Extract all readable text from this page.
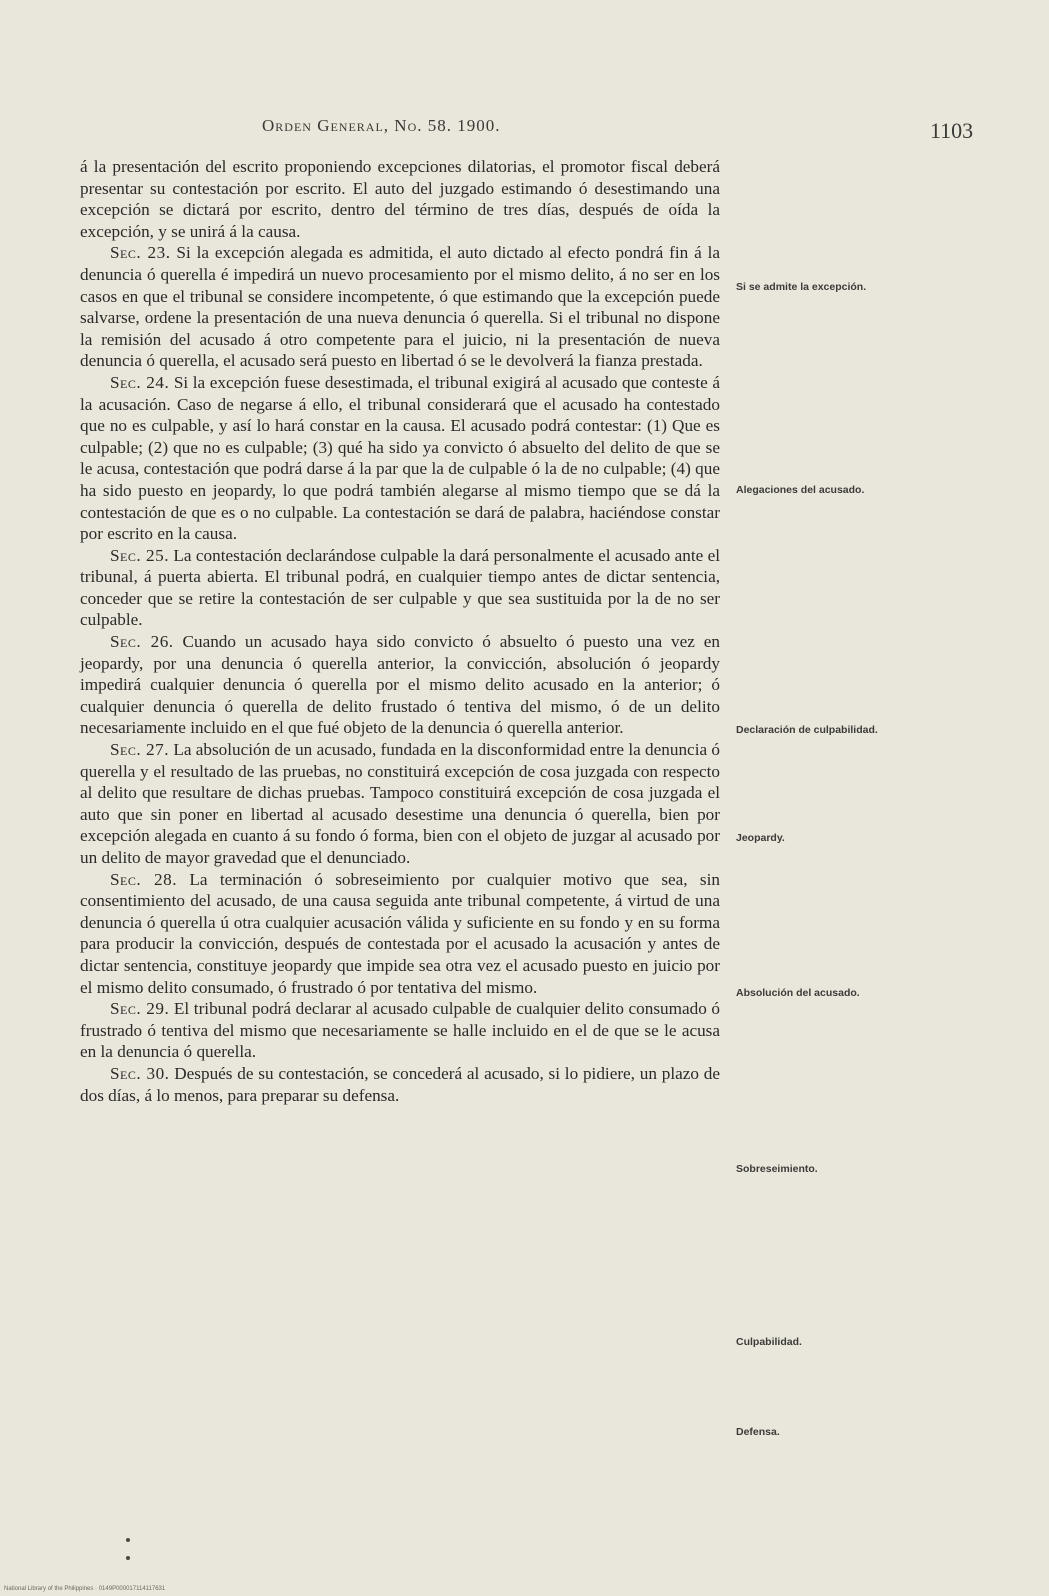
Orden General, No. 58. 1900.	1103

á la presentación del escrito proponiendo excepciones dilatorias, el promotor fiscal deberá presentar su contestación por escrito. El auto del juzgado estimando ó desestimando una excepción se dictará por escrito, dentro del término de tres días, después de oída la excepción, y se unirá á la causa.

Sec. 23. Si la excepción alegada es admitida, el auto dictado al efecto pondrá fin á la denuncia ó querella é impedirá un nuevo procesamiento por el mismo delito, á no ser en los casos en que el tribunal se considere incompetente, ó que estimando que la excepción puede salvarse, ordene la presentación de una nueva denuncia ó querella. Si el tribunal no dispone la remisión del acusado á otro competente para el juicio, ni la presentación de nueva denuncia ó querella, el acusado será puesto en libertad ó se le devolverá la fianza prestada.

Sec. 24. Si la excepción fuese desestimada, el tribunal exigirá al acusado que conteste á la acusación. Caso de negarse á ello, el tribunal considerará que el acusado ha contestado que no es culpable, y así lo hará constar en la causa. El acusado podrá contestar: (1) Que es culpable; (2) que no es culpable; (3) qué ha sido ya convicto ó absuelto del delito de que se le acusa, contestación que podrá darse á la par que la de culpable ó la de no culpable; (4) que ha sido puesto en jeopardy, lo que podrá también alegarse al mismo tiempo que se dá la contestación de que es o no culpable. La contestación se dará de palabra, haciéndose constar por escrito en la causa.

Sec. 25. La contestación declarándose culpable la dará personalmente el acusado ante el tribunal, á puerta abierta. El tribunal podrá, en cualquier tiempo antes de dictar sentencia, conceder que se retire la contestación de ser culpable y que sea sustituida por la de no ser culpable.

Sec. 26. Cuando un acusado haya sido convicto ó absuelto ó puesto una vez en jeopardy, por una denuncia ó querella anterior, la convicción, absolución ó jeopardy impedirá cualquier denuncia ó querella por el mismo delito acusado en la anterior; ó cualquier denuncia ó querella de delito frustado ó tentiva del mismo, ó de un delito necesariamente incluido en el que fué objeto de la denuncia ó querella anterior.

Sec. 27. La absolución de un acusado, fundada en la disconformidad entre la denuncia ó querella y el resultado de las pruebas, no constituirá excepción de cosa juzgada con respecto al delito que resultare de dichas pruebas. Tampoco constituirá excepción de cosa juzgada el auto que sin poner en libertad al acusado desestime una denuncia ó querella, bien por excepción alegada en cuanto á su fondo ó forma, bien con el objeto de juzgar al acusado por un delito de mayor gravedad que el denunciado.

Sec. 28. La terminación ó sobreseimiento por cualquier motivo que sea, sin consentimiento del acusado, de una causa seguida ante tribunal competente, á virtud de una denuncia ó querella ú otra cualquier acusación válida y suficiente en su fondo y en su forma para producir la convicción, después de contestada por el acusado la acusación y antes de dictar sentencia, constituye jeopardy que impide sea otra vez el acusado puesto en juicio por el mismo delito consumado, ó frustrado ó por tentativa del mismo.

Sec. 29. El tribunal podrá declarar al acusado culpable de cualquier delito consumado ó frustrado ó tentiva del mismo que necesariamente se halle incluido en el de que se le acusa en la denuncia ó querella.

Sec. 30. Después de su contestación, se concederá al acusado, si lo pidiere, un plazo de dos días, á lo menos, para preparar su defensa.

Si se admite la excepción.
Alegaciones del acusado.
Declaración de culpabilidad.
Jeopardy.
Absolución del acusado.
Sobreseimiento.
Culpabilidad.
Defensa.
National Library of the Philippines · 0149P000017114117631
